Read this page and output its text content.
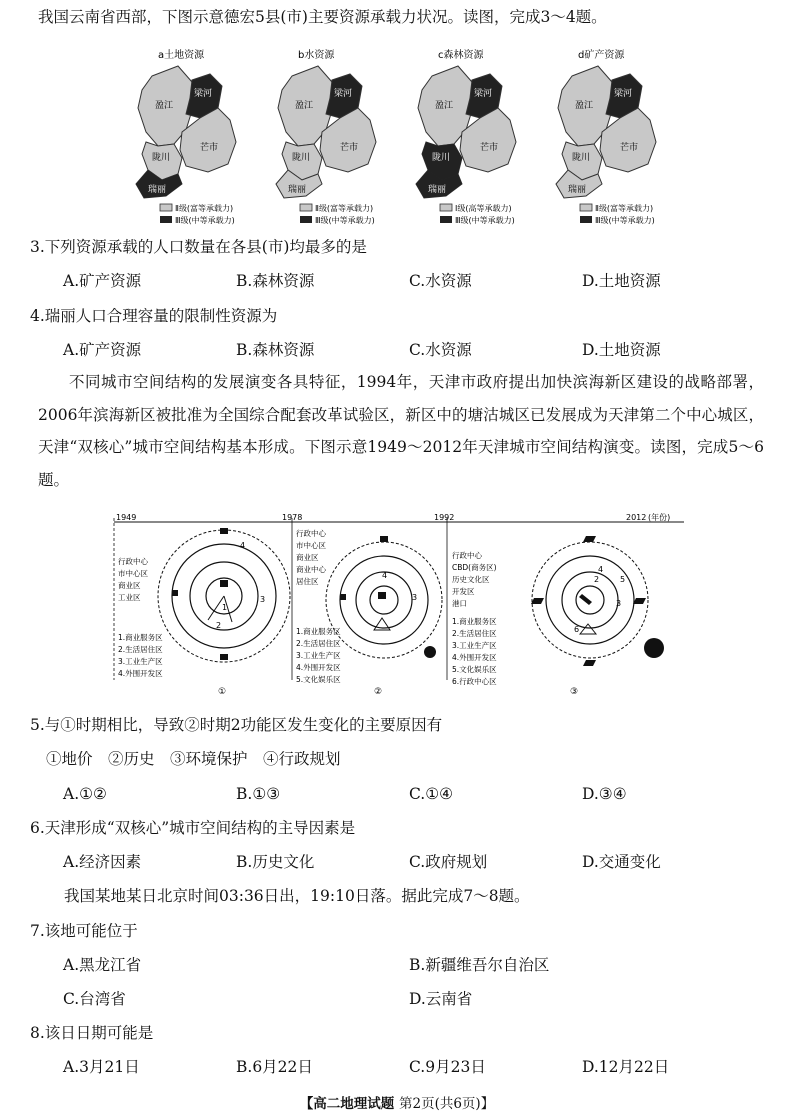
我国云南省西部，下图示意德宏5县(市)主要资源承载力状况。读图，完成3～4题。
a土地资源
盈江
梁河
陇川
芒市
瑞丽
Ⅱ级(富等承载力)
Ⅲ级(中等承载力)
b水资源
盈江
梁河
陇川
芒市
瑞丽
Ⅱ级(富等承载力)
Ⅲ级(中等承载力)
c森林资源
盈江
梁河
陇川
芒市
瑞丽
Ⅰ级(高等承载力)
Ⅲ级(中等承载力)
d矿产资源
盈江
梁河
陇川
芒市
瑞丽
Ⅱ级(富等承载力)
Ⅲ级(中等承载力)
3.下列资源承载的人口数量在各县(市)均最多的是
A.矿产资源	B.森林资源	C.水资源	D.土地资源
4.瑞丽人口合理容量的限制性资源为
A.矿产资源	B.森林资源	C.水资源	D.土地资源
不同城市空间结构的发展演变各具特征，1994年，天津市政府提出加快滨海新区建设的战略部署，2006年滨海新区被批准为全国综合配套改革试验区，新区中的塘沽城区已发展成为天津第二个中心城区，天津“双核心”城市空间结构基本形成。下图示意1949～2012年天津城市空间结构演变。读图，完成5～6题。
1949	1978	1992	2012 (年份)
行政中心
市中心区
商业区
工业区
1.商业服务区
2.生活居住区
3.工业生产区
4.外围开发区
1
2
3
4
①
行政中心
市中心区
商业区
商业中心
居住区
1.商业服务区
2.生活居住区
3.工业生产区
4.外围开发区
5.文化娱乐区
3
4
②
行政中心
CBD(商务区)
历史文化区
开发区
港口
1.商业服务区
2.生活居住区
3.工业生产区
4.外围开发区
5.文化娱乐区
6.行政中心区
2
3
4
5
6
③
5.与①时期相比，导致②时期2功能区发生变化的主要原因有
①地价　②历史　③环境保护　④行政规划
A.①②	B.①③	C.①④	D.③④
6.天津形成“双核心”城市空间结构的主导因素是
A.经济因素	B.历史文化	C.政府规划	D.交通变化
我国某地某日北京时间03:36日出，19:10日落。据此完成7～8题。
7.该地可能位于
A.黑龙江省	B.新疆维吾尔自治区
C.台湾省	D.云南省
8.该日日期可能是
A.3月21日	B.6月22日	C.9月23日	D.12月22日
【高二地理试题 第2页(共6页)】
